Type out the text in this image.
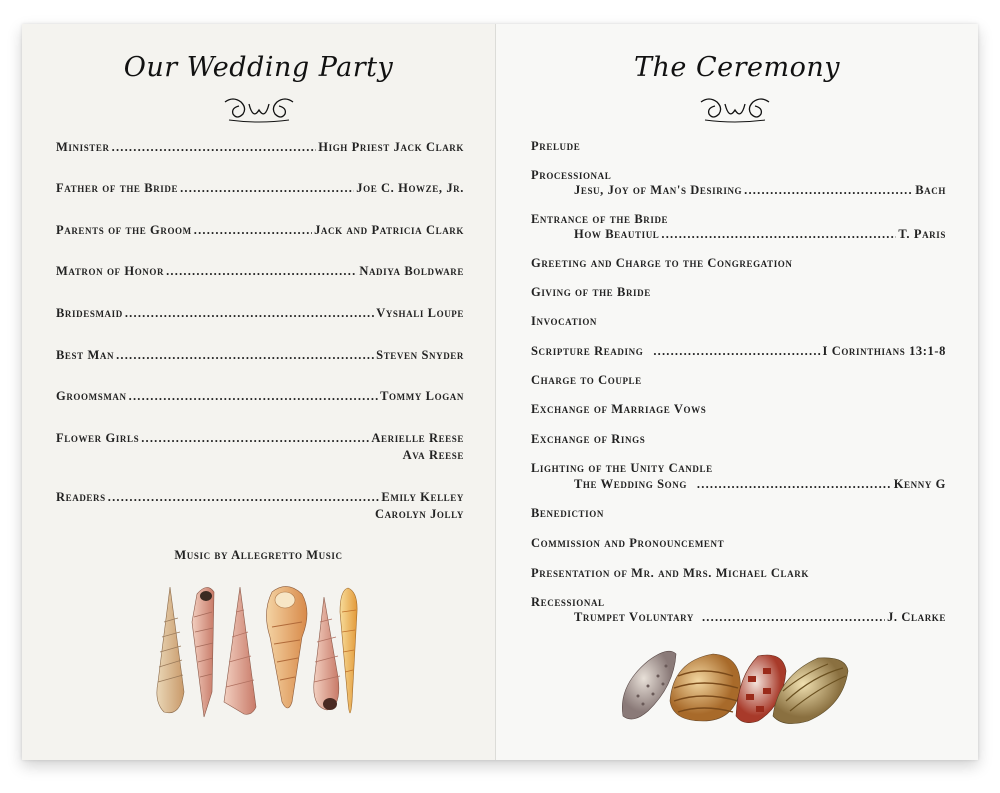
Our Wedding Party
Minister .....	High Priest Jack Clark
Father of the Bride .....	Joe C. Howze, Jr.
Parents of the Groom .....	Jack and Patricia Clark
Matron of Honor .....	Nadiya Boldware
Bridesmaid .....	Vyshali Loupe
Best Man .....	Steven Snyder
Groomsman .....	Tommy Logan
Flower Girls .....	Aerielle Reese
Ava Reese
Readers .....	Emily Kelley
Carolyn Jolly
Music by Allegretto Music
The Ceremony
Prelude
Processional
Jesu, Joy of Man's Desiring .....	Bach
Entrance of the Bride
How Beautiul .....	T. Paris
Greeting and Charge to the Congregation
Giving of the Bride
Invocation
Scripture Reading .....	I Corinthians 13:1-8
Charge to Couple
Exchange of Marriage Vows
Exchange of Rings
Lighting of the Unity Candle
The Wedding Song .....	Kenny G
Benediction
Commission and Pronouncement
Presentation of Mr. and Mrs. Michael Clark
Recessional
Trumpet Voluntary .....	J. Clarke
